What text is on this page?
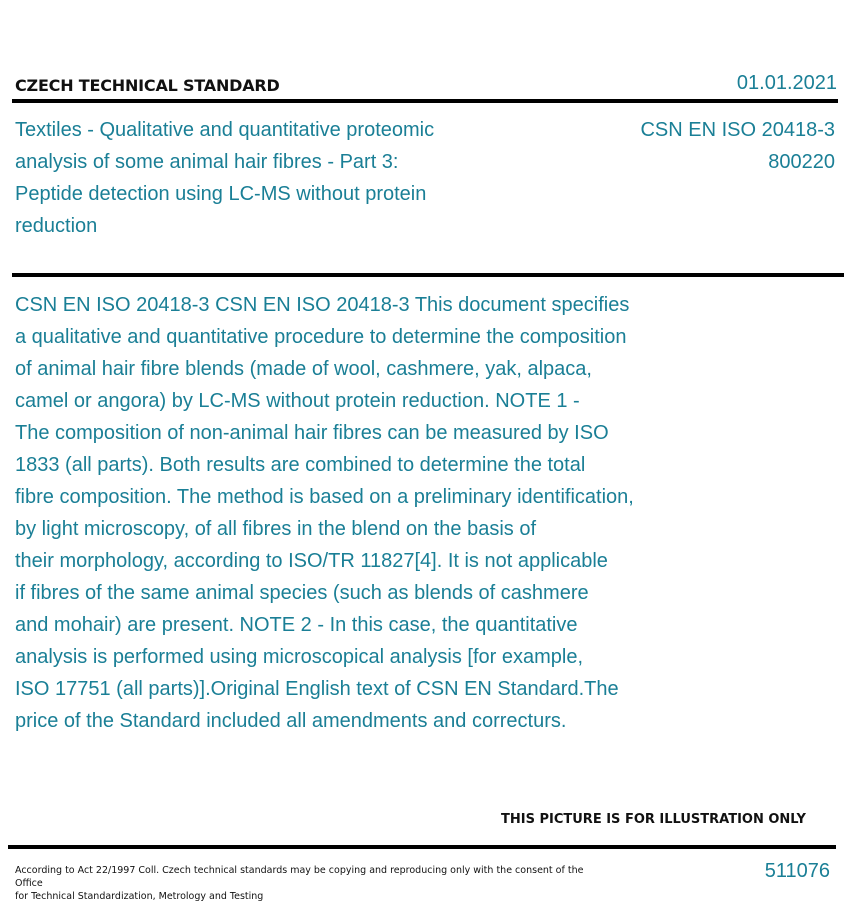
CZECH TECHNICAL STANDARD	01.01.2021
Textiles - Qualitative and quantitative proteomic analysis of some animal hair fibres - Part 3: Peptide detection using LC-MS without protein reduction
CSN EN ISO 20418-3
800220
CSN EN ISO 20418-3 CSN EN ISO 20418-3 This document specifies
a qualitative and quantitative procedure to determine the composition
of animal hair fibre blends (made of wool, cashmere, yak, alpaca,
camel or angora) by LC-MS without protein reduction. NOTE 1 -
The composition of non-animal hair fibres can be measured by ISO
1833 (all parts). Both results are combined to determine the total
fibre composition. The method is based on a preliminary identification,
by light microscopy, of all fibres in the blend on the basis of
their morphology, according to ISO/TR 11827[4]. It is not applicable
if fibres of the same animal species (such as blends of cashmere
and mohair) are present. NOTE 2 - In this case, the quantitative
analysis is performed using microscopical analysis [for example,
ISO 17751 (all parts)].Original English text of CSN EN Standard.The
price of the Standard included all amendments and correcturs.
THIS PICTURE IS FOR ILLUSTRATION ONLY
According to Act 22/1997 Coll. Czech technical standards may be copying and reproducing only with the consent of the Office
for Technical Standardization, Metrology and Testing
511076
